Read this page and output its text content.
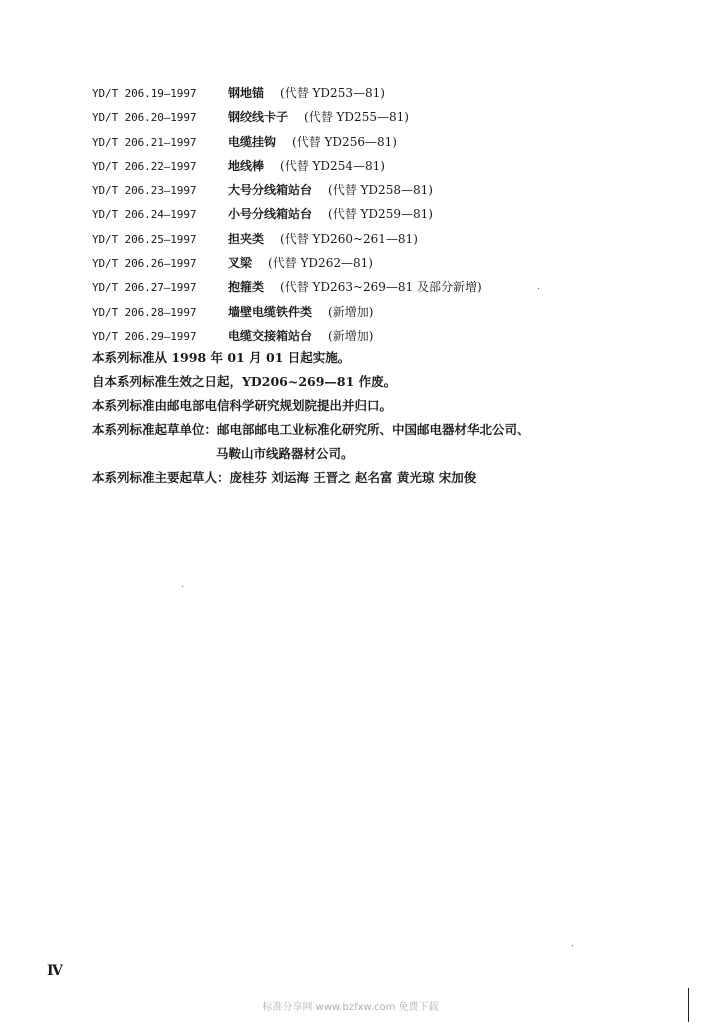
YD/T 206.19—1997	钢地锚 (代替 YD253—81)
YD/T 206.20—1997	钢绞线卡子 (代替 YD255—81)
YD/T 206.21—1997	电缆挂钩 (代替 YD256—81)
YD/T 206.22—1997	地线棒 (代替 YD254—81)
YD/T 206.23—1997	大号分线箱站台 (代替 YD258—81)
YD/T 206.24—1997	小号分线箱站台 (代替 YD259—81)
YD/T 206.25—1997	担夹类 (代替 YD260~261—81)
YD/T 206.26—1997	叉梁 (代替 YD262—81)
YD/T 206.27—1997	抱箍类 (代替 YD263~269—81 及部分新增)
YD/T 206.28—1997	墙壁电缆铁件类 (新增加)
YD/T 206.29—1997	电缆交接箱站台 (新增加)
本系列标准从 1998 年 01 月 01 日起实施。
自本系列标准生效之日起，YD206~269—81 作废。
本系列标准由邮电部电信科学研究规划院提出并归口。
本系列标准起草单位：邮电部邮电工业标准化研究所、中国邮电器材华北公司、
马鞍山市线路器材公司。
本系列标准主要起草人：庞桂芬 刘运海 王晋之 赵名富 黄光琼 宋加俊
Ⅳ
标准分享网 www.bzfxw.com 免费下载
